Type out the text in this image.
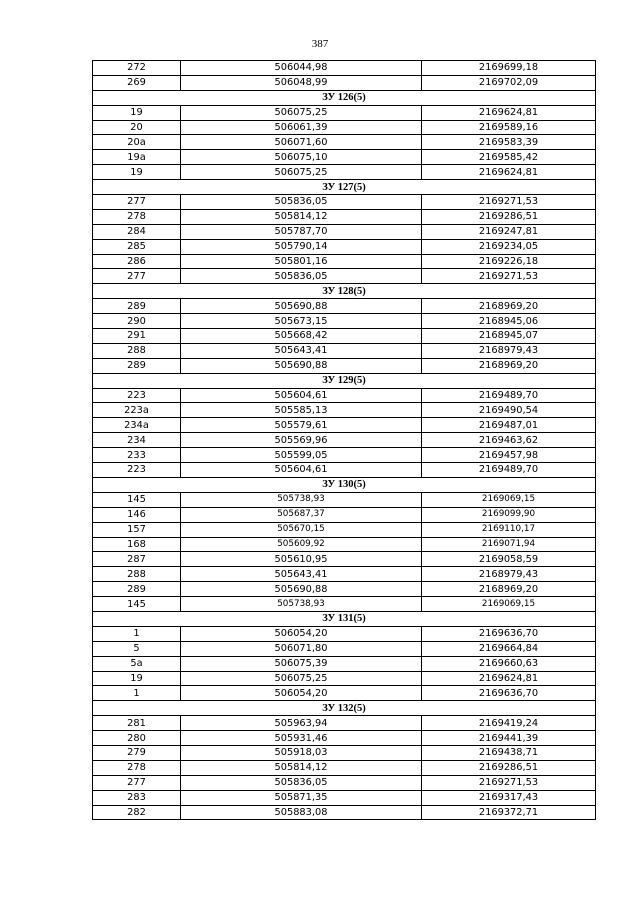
387
272	506044,98	2169699,18
269	506048,99	2169702,09
ЗУ 126(5)		
19	506075,25	2169624,81
20	506061,39	2169589,16
20а	506071,60	2169583,39
19а	506075,10	2169585,42
19	506075,25	2169624,81
ЗУ 127(5)		
277	505836,05	2169271,53
278	505814,12	2169286,51
284	505787,70	2169247,81
285	505790,14	2169234,05
286	505801,16	2169226,18
277	505836,05	2169271,53
ЗУ 128(5)		
289	505690,88	2168969,20
290	505673,15	2168945,06
291	505668,42	2168945,07
288	505643,41	2168979,43
289	505690,88	2168969,20
ЗУ 129(5)		
223	505604,61	2169489,70
223а	505585,13	2169490,54
234а	505579,61	2169487,01
234	505569,96	2169463,62
233	505599,05	2169457,98
223	505604,61	2169489,70
ЗУ 130(5)		
145	505738,93	2169069,15
146	505687,37	2169099,90
157	505670,15	2169110,17
168	505609,92	2169071,94
287	505610,95	2169058,59
288	505643,41	2168979,43
289	505690,88	2168969,20
145	505738,93	2169069,15
ЗУ 131(5)		
1	506054,20	2169636,70
5	506071,80	2169664,84
5а	506075,39	2169660,63
19	506075,25	2169624,81
1	506054,20	2169636,70
ЗУ 132(5)		
281	505963,94	2169419,24
280	505931,46	2169441,39
279	505918,03	2169438,71
278	505814,12	2169286,51
277	505836,05	2169271,53
283	505871,35	2169317,43
282	505883,08	2169372,71
